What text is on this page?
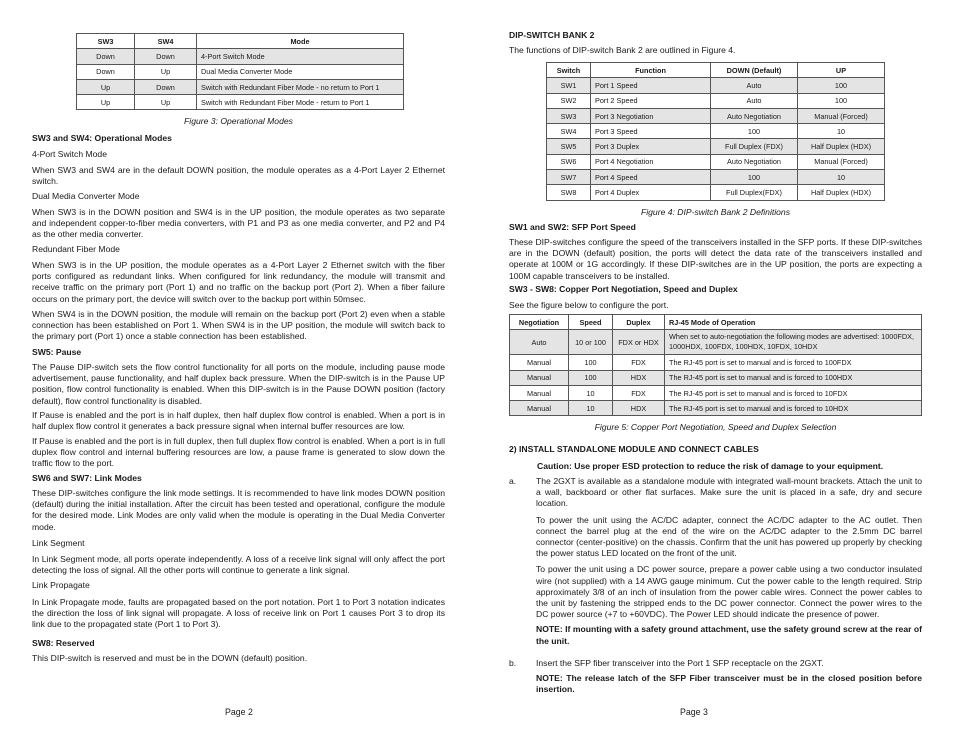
SW3	SW4	Mode
Down	Down	4-Port Switch Mode
Down	Up	Dual Media Converter Mode
Up	Down	Switch with Redundant Fiber Mode - no return to Port 1
Up	Up	Switch with Redundant Fiber Mode - return to Port 1
Figure 3: Operational Modes
SW3 and SW4: Operational Modes

4-Port Switch Mode

When SW3 and SW4 are in the default DOWN position, the module operates as a 4-Port Layer 2 Ethernet switch.

Dual Media Converter Mode

When SW3 is in the DOWN position and SW4 is in the UP position, the module operates as two separate and independent copper-to-fiber media converters, with P1 and P3 as one media converter, and P2 and P4 as the other media converter.

Redundant Fiber Mode

When SW3 is in the UP position, the module operates as a 4-Port Layer 2 Ethernet switch with the fiber ports configured as redundant links. When configured for link redundancy, the module will transmit and receive traffic on the primary port (Port 1) and no traffic on the backup port (Port 2). When a fiber failure occurs on the primary port, the device will switch over to the backup port within 50msec.

When SW4 is in the DOWN position, the module will remain on the backup port (Port 2) even when a stable connection has been established on Port 1. When SW4 is in the UP position, the module will switch back to the primary port (Port 1) once a stable connection has been established.

SW5: Pause

The Pause DIP-switch sets the flow control functionality for all ports on the module, including pause mode advertisement, pause functionality, and half duplex back pressure. When the DIP-switch is in the Pause UP position, flow control functionality is enabled. When this DIP-switch is in the Pause DOWN position (factory default), flow control functionality is disabled.

If Pause is enabled and the port is in half duplex, then half duplex flow control is enabled. When a port is in half duplex flow control it generates a back pressure signal when internal buffer resources are low.

If Pause is enabled and the port is in full duplex, then full duplex flow control is enabled. When a port is in full duplex flow control and internal buffering resources are low, a pause frame is generated to slow down the traffic flow to the port.

SW6 and SW7: Link Modes

These DIP-switches configure the link mode settings. It is recommended to have link modes DOWN position (default) during the initial installation. After the circuit has been tested and operational, configure the module for the desired mode. Link Modes are only valid when the module is operating in the Dual Media Converter mode.

Link Segment

In Link Segment mode, all ports operate independently. A loss of a receive link signal will only affect the port detecting the loss of signal. All the other ports will continue to generate a link signal.

Link Propagate

In Link Propagate mode, faults are propagated based on the port notation. Port 1 to Port 3 notation indicates the direction the loss of link signal will propagate. A loss of receive link on Port 1 causes Port 3 to drop its link due to the propagated state (Port 1 to Port 3).

SW8: Reserved

This DIP-switch is reserved and must be in the DOWN (default) position.

Page 2
DIP-SWITCH BANK 2

The functions of DIP-switch Bank 2 are outlined in Figure 4.

Switch	Function	DOWN (Default)	UP
SW1	Port 1 Speed	Auto	100
SW2	Port 2 Speed	Auto	100
SW3	Port 3 Negotiation	Auto Negotiation	Manual (Forced)
SW4	Port 3 Speed	100	10
SW5	Port 3 Duplex	Full Duplex (FDX)	Half Duplex (HDX)
SW6	Port 4 Negotiation	Auto Negotiation	Manual (Forced)
SW7	Port 4 Speed	100	10
SW8	Port 4 Duplex	Full Duplex(FDX)	Half Duplex (HDX)
Figure 4: DIP-switch Bank 2 Definitions
SW1 and SW2: SFP Port Speed

These DIP-switches configure the speed of the transceivers installed in the SFP ports. If these DIP-switches are in the DOWN (default) position, the ports will detect the data rate of the transceivers installed and operate at 100M or 1G accordingly. If these DIP-switches are in the UP position, the ports are expecting a 100M capable transceivers to be installed.

SW3 - SW8: Copper Port Negotiation, Speed and Duplex

See the figure below to configure the port.

Negotiation	Speed	Duplex	RJ-45 Mode of Operation
Auto	10 or 100	FDX or HDX	When set to auto-negotiation the following modes are advertised: 1000FDX, 1000HDX, 100FDX, 100HDX, 10FDX, 10HDX
Manual	100	FDX	The RJ-45 port is set to manual and is forced to 100FDX
Manual	100	HDX	The RJ-45 port is set to manual and is forced to 100HDX
Manual	10	FDX	The RJ-45 port is set to manual and is forced to 10FDX
Manual	10	HDX	The RJ-45 port is set to manual and is forced to 10HDX
Figure 5: Copper Port Negotiation, Speed and Duplex Selection
2) INSTALL STANDALONE MODULE AND CONNECT CABLES
Caution: Use proper ESD protection to reduce the risk of damage to your equipment.
a. The 2GXT is available as a standalone module with integrated wall-mount brackets. Attach the unit to a wall, backboard or other flat surfaces. Make sure the unit is placed in a safe, dry and secure location.

To power the unit using the AC/DC adapter, connect the AC/DC adapter to the AC outlet. Then connect the barrel plug at the end of the wire on the AC/DC adapter to the 2.5mm DC barrel connector (center-positive) on the chassis. Confirm that the unit has powered up properly by checking the power status LED located on the front of the unit.

To power the unit using a DC power source, prepare a power cable using a two conductor insulated wire (not supplied) with a 14 AWG gauge minimum. Cut the power cable to the length required. Strip approximately 3/8 of an inch of insulation from the power cable wires. Connect the power cables to the unit by fastening the stripped ends to the DC power connector. Connect the power wires to the DC power source (+7 to +60VDC). The Power LED should indicate the presence of power.

NOTE: If mounting with a safety ground attachment, use the safety ground screw at the rear of the unit.

b. Insert the SFP fiber transceiver into the Port 1 SFP receptacle on the 2GXT.

NOTE: The release latch of the SFP Fiber transceiver must be in the closed position before insertion.

Page 3
